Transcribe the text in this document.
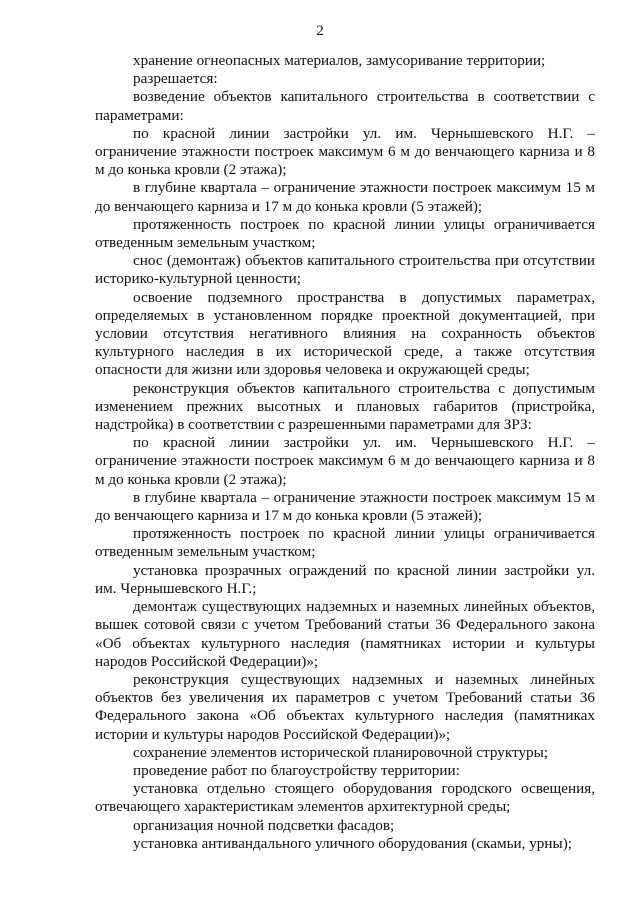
2

хранение огнеопасных материалов, замусоривание территории;

разрешается:

возведение объектов капитального строительства в соответствии с параметрами:

по красной линии застройки ул. им. Чернышевского Н.Г. – ограничение этажности построек максимум 6 м до венчающего карниза и 8 м до конька кровли (2 этажа);

в глубине квартала – ограничение этажности построек максимум 15 м до венчающего карниза и 17 м до конька кровли (5 этажей);

протяженность построек по красной линии улицы ограничивается отведенным земельным участком;

снос (демонтаж) объектов капитального строительства при отсутствии историко-культурной ценности;

освоение подземного пространства в допустимых параметрах, определяемых в установленном порядке проектной документацией, при условии отсутствия негативного влияния на сохранность объектов культурного наследия в их исторической среде, а также отсутствия опасности для жизни или здоровья человека и окружающей среды;

реконструкция объектов капитального строительства с допустимым изменением прежних высотных и плановых габаритов (пристройка, надстройка) в соответствии с разрешенными параметрами для ЗРЗ:

по красной линии застройки ул. им. Чернышевского Н.Г. – ограничение этажности построек максимум 6 м до венчающего карниза и 8 м до конька кровли (2 этажа);

в глубине квартала – ограничение этажности построек максимум 15 м до венчающего карниза и 17 м до конька кровли (5 этажей);

протяженность построек по красной линии улицы ограничивается отведенным земельным участком;

установка прозрачных ограждений по красной линии застройки ул. им. Чернышевского Н.Г.;

демонтаж существующих надземных и наземных линейных объектов, вышек сотовой связи с учетом Требований статьи 36 Федерального закона «Об объектах культурного наследия (памятниках истории и культуры народов Российской Федерации)»;

реконструкция существующих надземных и наземных линейных объектов без увеличения их параметров с учетом Требований статьи 36 Федерального закона «Об объектах культурного наследия (памятниках истории и культуры народов Российской Федерации)»;

сохранение элементов исторической планировочной структуры;

проведение работ по благоустройству территории:

установка отдельно стоящего оборудования городского освещения, отвечающего характеристикам элементов архитектурной среды;

организация ночной подсветки фасадов;

установка антивандального уличного оборудования (скамьи, урны);
